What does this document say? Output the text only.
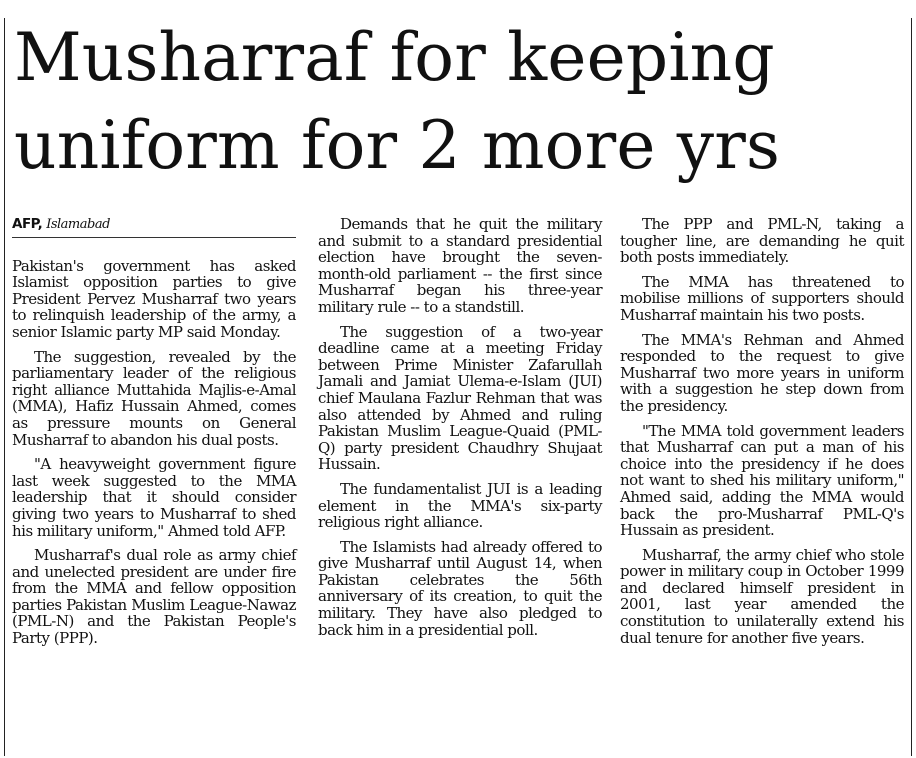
Musharraf for keeping uniform for 2 more yrs
AFP, Islamabad

Pakistan's government has asked Islamist opposition parties to give President Pervez Musharraf two years to relinquish leadership of the army, a senior Islamic party MP said Monday.

The suggestion, revealed by the parliamentary leader of the religious right alliance Muttahida Majlis-e-Amal (MMA), Hafiz Hussain Ahmed, comes as pressure mounts on General Musharraf to abandon his dual posts.

"A heavyweight government figure last week suggested to the MMA leadership that it should consider giving two years to Musharraf to shed his military uniform," Ahmed told AFP.

Musharraf's dual role as army chief and unelected president are under fire from the MMA and fellow opposition parties Pakistan Muslim League-Nawaz (PML-N) and the Pakistan People's Party (PPP).

Demands that he quit the military and submit to a standard presidential election have brought the seven-month-old parliament -- the first since Musharraf began his three-year military rule -- to a standstill.

The suggestion of a two-year deadline came at a meeting Friday between Prime Minister Zafarullah Jamali and Jamiat Ulema-e-Islam (JUI) chief Maulana Fazlur Rehman that was also attended by Ahmed and ruling Pakistan Muslim League-Quaid (PML-Q) party president Chaudhry Shujaat Hussain.

The fundamentalist JUI is a leading element in the MMA's six-party religious right alliance.

The Islamists had already offered to give Musharraf until August 14, when Pakistan celebrates the 56th anniversary of its creation, to quit the military. They have also pledged to back him in a presidential poll.

The PPP and PML-N, taking a tougher line, are demanding he quit both posts immediately.

The MMA has threatened to mobilise millions of supporters should Musharraf maintain his two posts.

The MMA's Rehman and Ahmed responded to the request to give Musharraf two more years in uniform with a suggestion he step down from the presidency.

"The MMA told government leaders that Musharraf can put a man of his choice into the presidency if he does not want to shed his military uniform," Ahmed said, adding the MMA would back the pro-Musharraf PML-Q's Hussain as president.

Musharraf, the army chief who stole power in military coup in October 1999 and declared himself president in 2001, last year amended the constitution to unilaterally extend his dual tenure for another five years.
